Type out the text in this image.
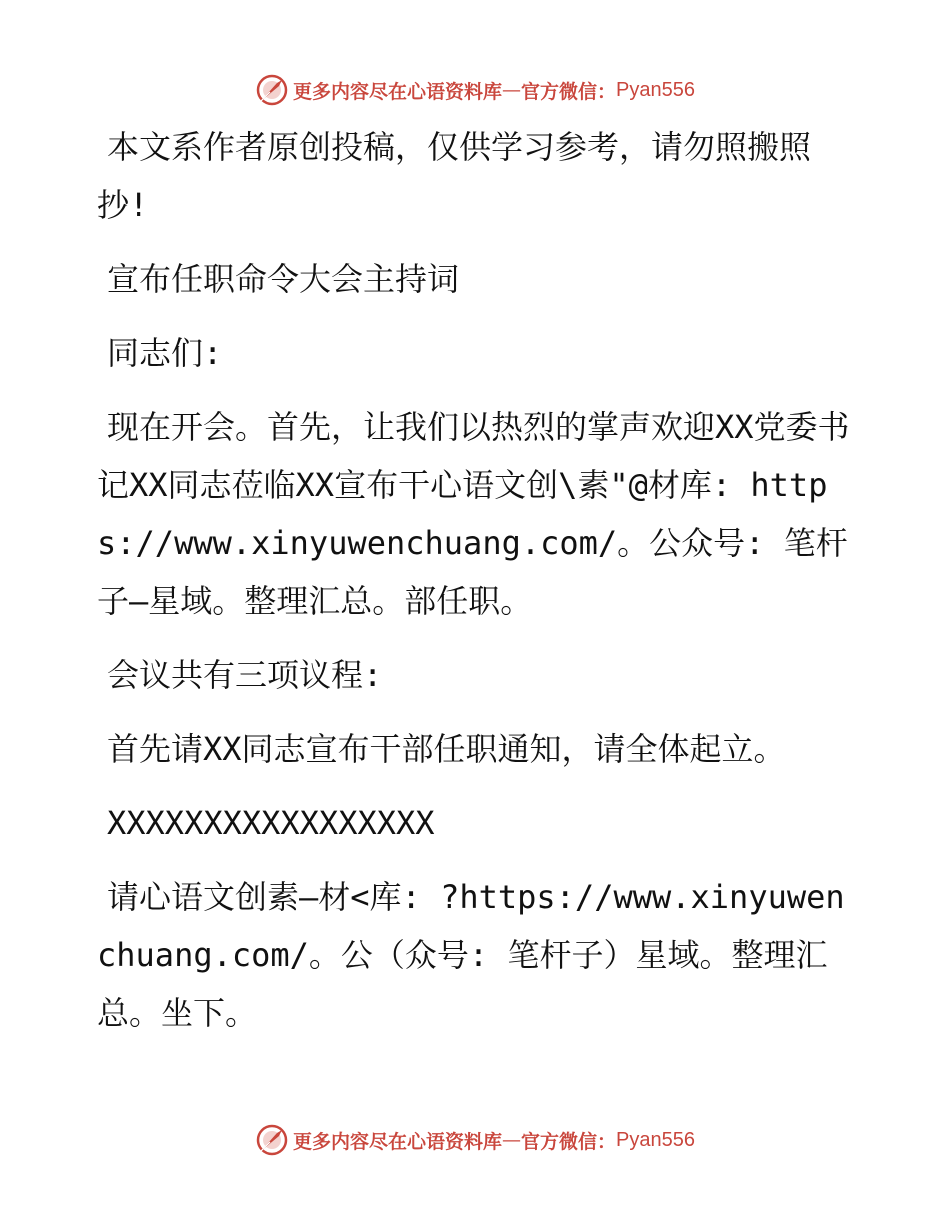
更多内容尽在心语资料库 — 官方微信： Pyan556

本文系作者原创投稿，仅供学习参考，请勿照搬照抄!

宣布任职命令大会主持词

同志们:

现在开会。首先，让我们以热烈的掌声欢迎XX党委书记XX同志莅临XX宣布干心语文创\素"@材库: https://www.xinyuwenchuang.com/。公众号: 笔杆子—星域。整理汇总。部任职。

会议共有三项议程:

首先请XX同志宣布干部任职通知，请全体起立。

XXXXXXXXXXXXXXXXX

请心语文创素—材<库: ?https://www.xinyuwenchuang.com/。公（众号: 笔杆子）星域。整理汇总。坐下。

更多内容尽在心语资料库 — 官方微信： Pyan556
